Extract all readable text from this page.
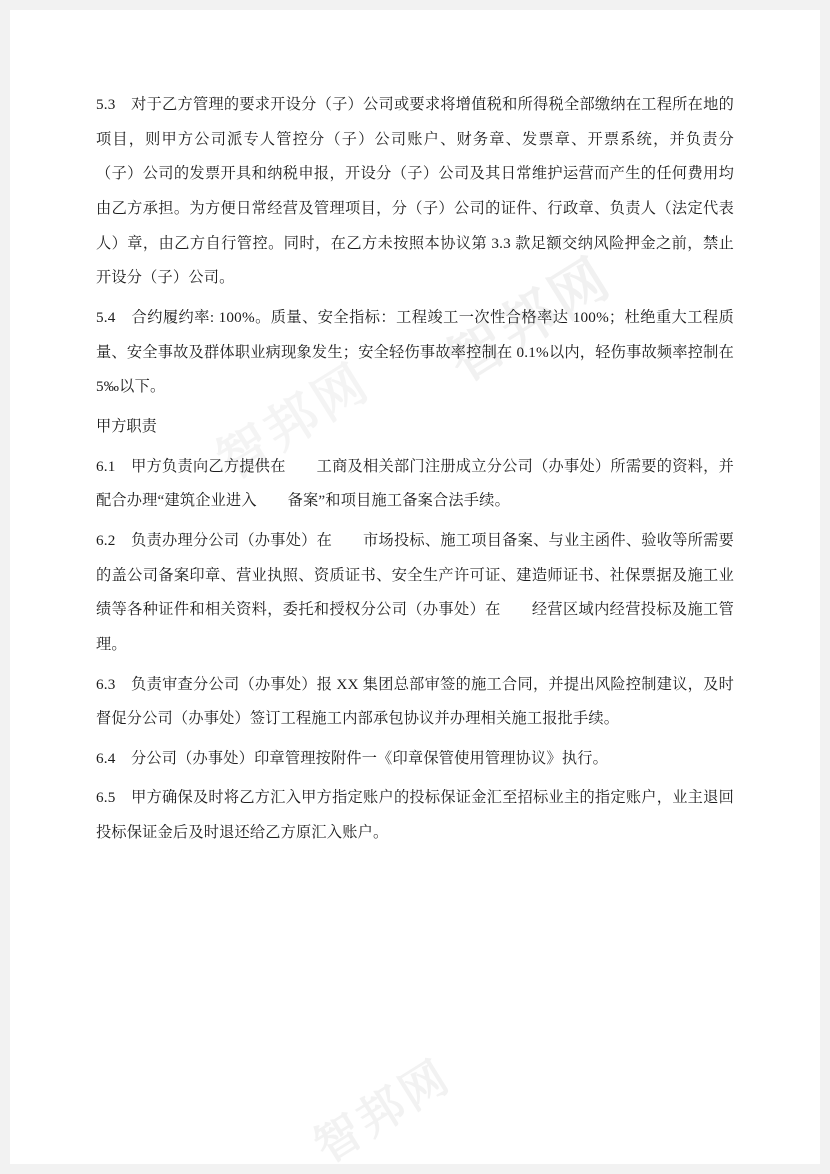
5.3　对于乙方管理的要求开设分（子）公司或要求将增值税和所得税全部缴纳在工程所在地的项目，则甲方公司派专人管控分（子）公司账户、财务章、发票章、开票系统，并负责分（子）公司的发票开具和纳税申报，开设分（子）公司及其日常维护运营而产生的任何费用均由乙方承担。为方便日常经营及管理项目，分（子）公司的证件、行政章、负责人（法定代表人）章，由乙方自行管控。同时，在乙方未按照本协议第 3.3 款足额交纳风险押金之前，禁止开设分（子）公司。

5.4　合约履约率: 100%。质量、安全指标：工程竣工一次性合格率达 100%；杜绝重大工程质量、安全事故及群体职业病现象发生；安全轻伤事故率控制在 0.1%以内，轻伤事故频率控制在 5‰以下。

甲方职责

6.1　甲方负责向乙方提供在　　工商及相关部门注册成立分公司（办事处）所需要的资料，并配合办理“建筑企业进入　　备案”和项目施工备案合法手续。

6.2　负责办理分公司（办事处）在　　市场投标、施工项目备案、与业主函件、验收等所需要的盖公司备案印章、营业执照、资质证书、安全生产许可证、建造师证书、社保票据及施工业绩等各种证件和相关资料，委托和授权分公司（办事处）在　　经营区域内经营投标及施工管理。

6.3　负责审查分公司（办事处）报 XX 集团总部审签的施工合同，并提出风险控制建议，及时督促分公司（办事处）签订工程施工内部承包协议并办理相关施工报批手续。

6.4　分公司（办事处）印章管理按附件一《印章保管使用管理协议》执行。

6.5　甲方确保及时将乙方汇入甲方指定账户的投标保证金汇至招标业主的指定账户，业主退回投标保证金后及时退还给乙方原汇入账户。

智邦网
智邦网
